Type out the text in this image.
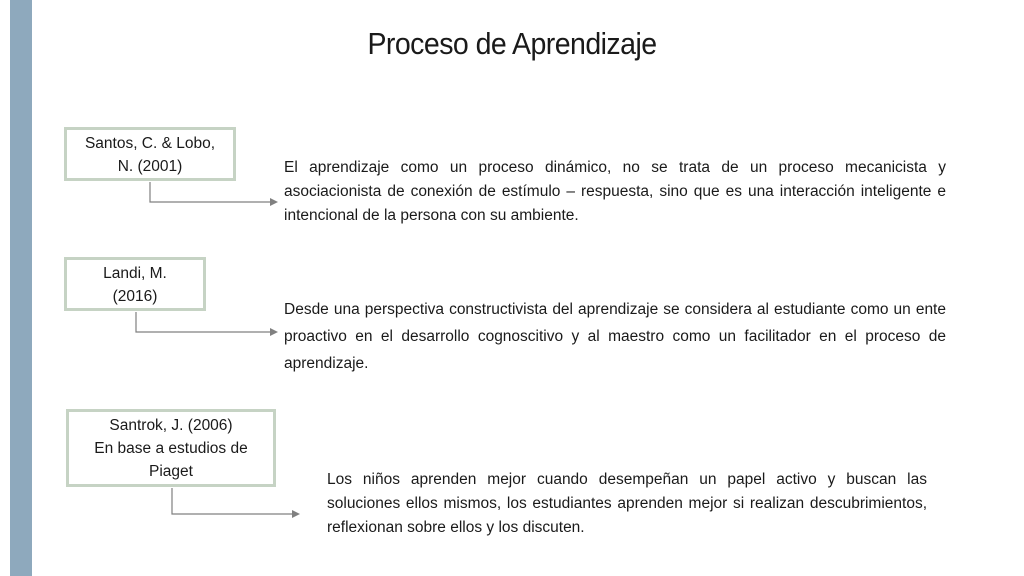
Proceso de Aprendizaje
Santos, C. & Lobo,
N. (2001)	El aprendizaje como un proceso dinámico, no se trata de un proceso mecanicista y asociacionista de conexión de estímulo – respuesta, sino que es una interacción inteligente e intencional de la persona con su ambiente.
Landi, M.
(2016)
Desde una perspectiva constructivista del aprendizaje se considera al estudiante como un ente proactivo en el desarrollo cognoscitivo y al maestro como un facilitador en el proceso de aprendizaje.
Santrok, J. (2006)
En base a estudios de
Piaget	Los niños aprenden mejor cuando desempeñan un papel activo y buscan las soluciones ellos mismos, los estudiantes aprenden mejor si realizan descubrimientos, reflexionan sobre ellos y los discuten.
